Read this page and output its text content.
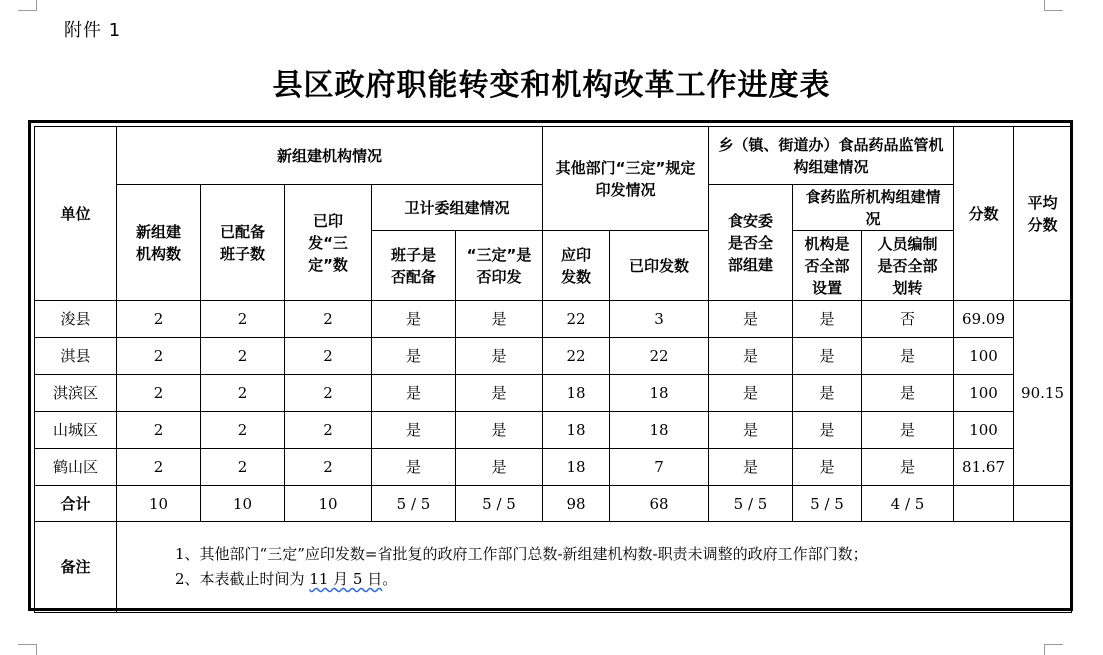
附件 1
县区政府职能转变和机构改革工作进度表
单位	新组建机构情况					其他部门“三定”规定印发情况		乡（镇、街道办）食品药品监管机构组建情况			分数	平均分数
	新组建机构数	已配备班子数	已印发“三定”数	卫计委组建情况				食安委是否全部组建	食药监所机构组建情况			
				班子是否配备	“三定”是否印发	应印发数	已印发数		机构是否全部设置	人员编制是否全部划转		
浚县	2	2	2	是	是	22	3	是	是	否	69.09	90.15
淇县	2	2	2	是	是	22	22	是	是	是	100	
淇滨区	2	2	2	是	是	18	18	是	是	是	100	
山城区	2	2	2	是	是	18	18	是	是	是	100	
鹤山区	2	2	2	是	是	18	7	是	是	是	81.67	
合计	10	10	10	5 / 5	5 / 5	98	68	5 / 5	5 / 5	4 / 5		
备注	1、其他部门“三定”应印发数=省批复的政府工作部门总数-新组建机构数-职责未调整的政府工作部门数；
2、本表截止时间为 11 月 5 日。											
